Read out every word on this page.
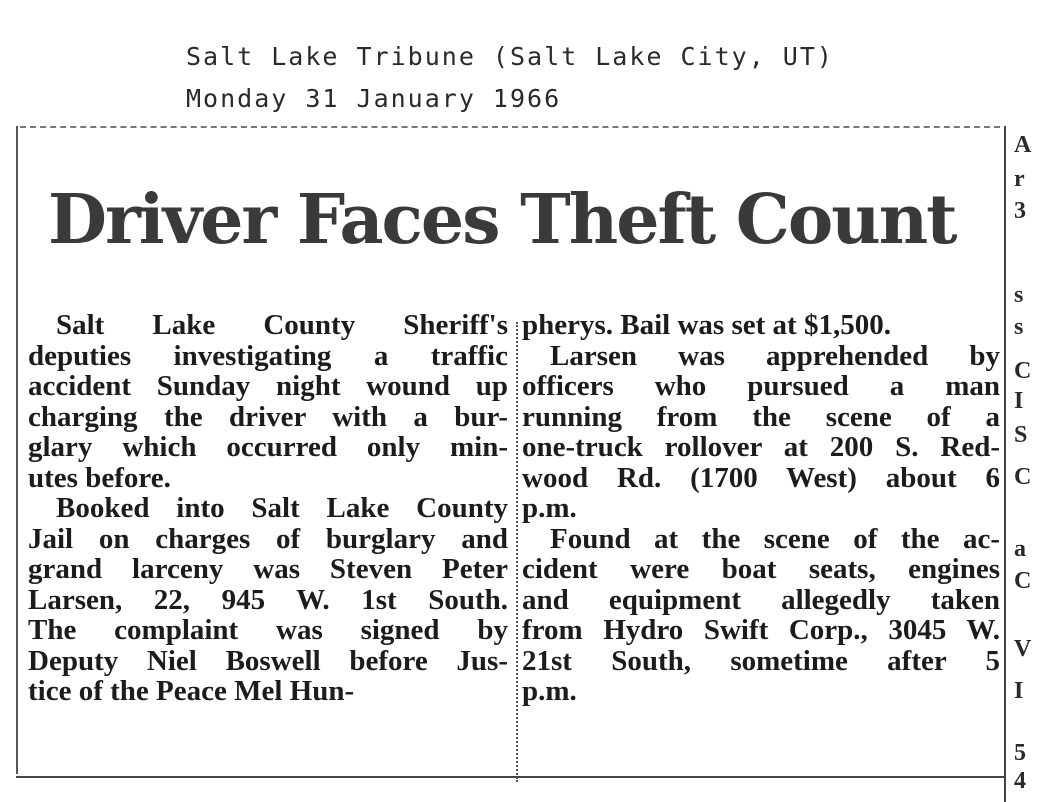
Salt Lake Tribune (Salt Lake City, UT)
Monday 31 January 1966
Driver Faces Theft Count
Salt Lake County Sheriff's
deputies investigating a traffic
accident Sunday night wound up
charging the driver with a bur-
glary which occurred only min-
utes before.
Booked into Salt Lake County
Jail on charges of burglary and
grand larceny was Steven Peter
Larsen, 22, 945 W. 1st South.
The complaint was signed by
Deputy Niel Boswell before Jus-
tice of the Peace Mel Hun-
pherys. Bail was set at $1,500.
Larsen was apprehended by
officers who pursued a man
running from the scene of a
one-truck rollover at 200 S. Red-
wood Rd. (1700 West) about 6
p.m.
Found at the scene of the ac-
cident were boat seats, engines
and equipment allegedly taken
from Hydro Swift Corp., 3045 W.
21st South, sometime after 5
p.m.
A
r
3
s
s
C
I
S
C
a
C
V
I
5
4
